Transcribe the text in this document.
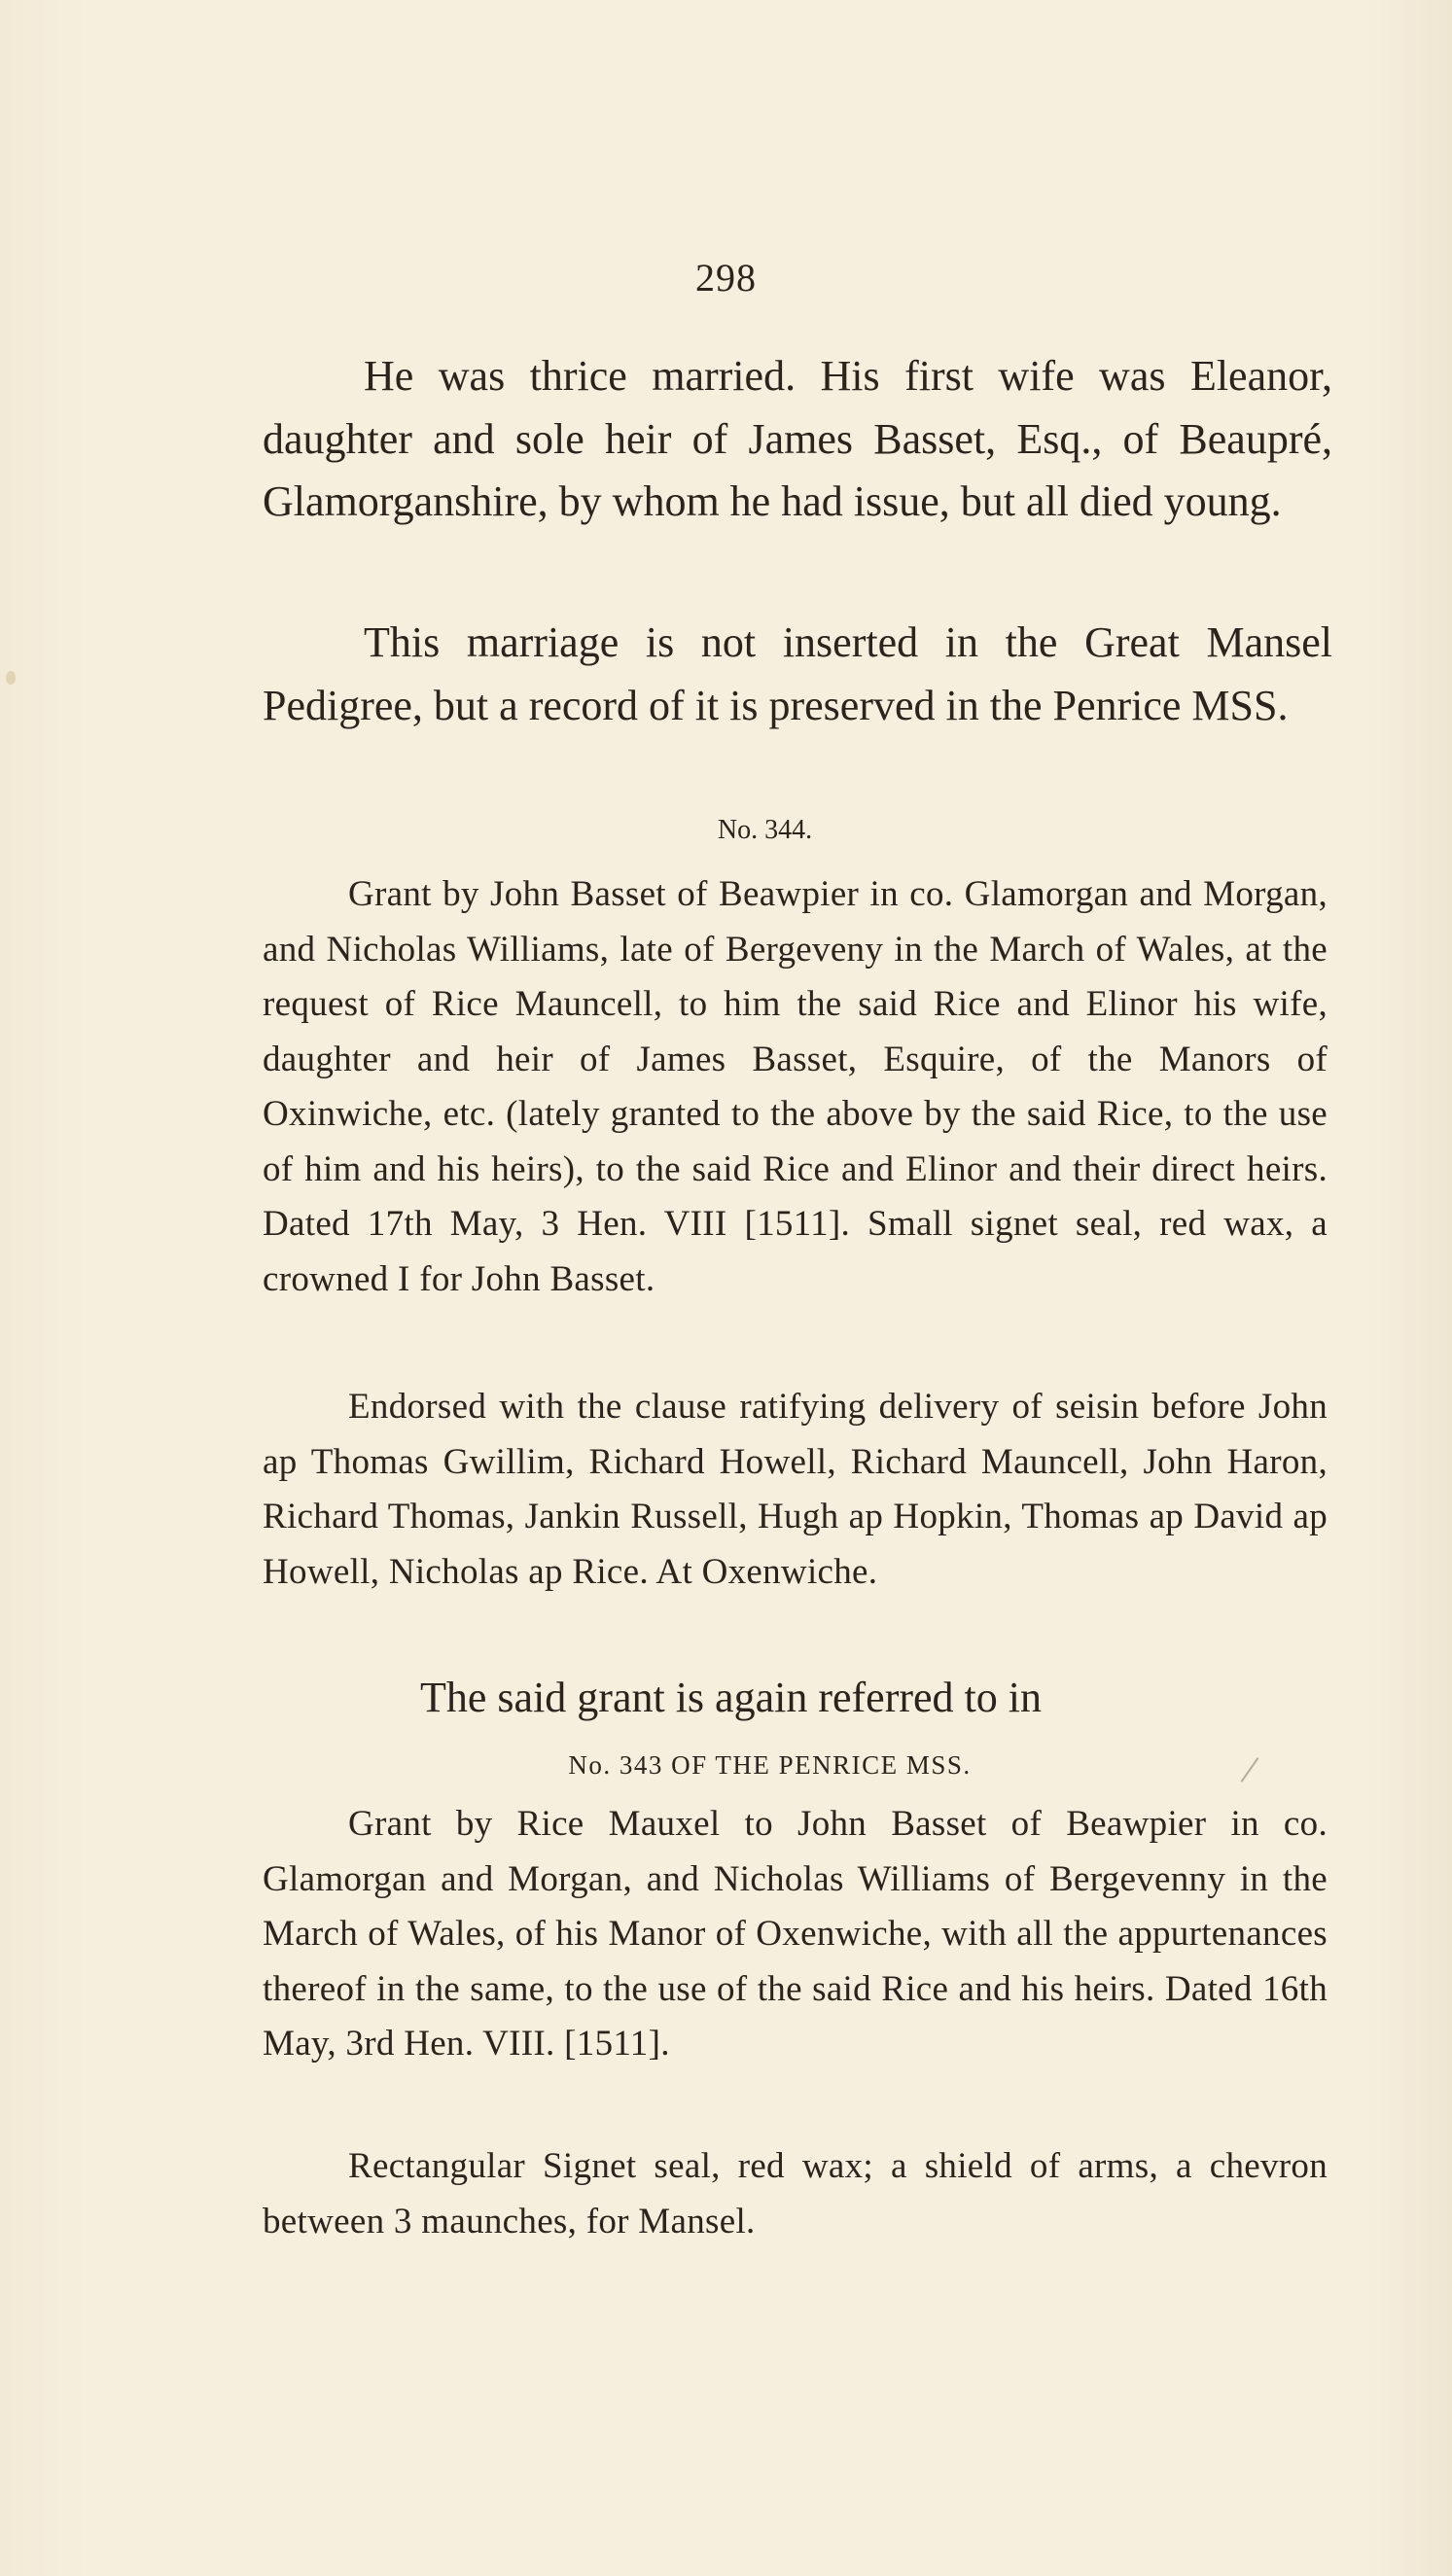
298

He was thrice married. His first wife was Eleanor, daughter and sole heir of James Basset, Esq., of Beaupré, Glamorganshire, by whom he had issue, but all died young.

This marriage is not inserted in the Great Mansel Pedigree, but a record of it is preserved in the Penrice MSS.

No. 344.

Grant by John Basset of Beawpier in co. Glamorgan and Morgan, and Nicholas Williams, late of Bergeveny in the March of Wales, at the request of Rice Mauncell, to him the said Rice and Elinor his wife, daughter and heir of James Basset, Esquire, of the Manors of Oxinwiche, etc. (lately granted to the above by the said Rice, to the use of him and his heirs), to the said Rice and Elinor and their direct heirs. Dated 17th May, 3 Hen. VIII [1511]. Small signet seal, red wax, a crowned I for John Basset.

Endorsed with the clause ratifying delivery of seisin before John ap Thomas Gwillim, Richard Howell, Richard Mauncell, John Haron, Richard Thomas, Jankin Russell, Hugh ap Hopkin, Thomas ap David ap Howell, Nicholas ap Rice. At Oxenwiche.

The said grant is again referred to in

No. 343 OF THE PENRICE MSS.

Grant by Rice Mauxel to John Basset of Beawpier in co. Glamorgan and Morgan, and Nicholas Williams of Bergevenny in the March of Wales, of his Manor of Oxenwiche, with all the appurtenances thereof in the same, to the use of the said Rice and his heirs. Dated 16th May, 3rd Hen. VIII. [1511].

Rectangular Signet seal, red wax; a shield of arms, a chevron between 3 maunches, for Mansel.
